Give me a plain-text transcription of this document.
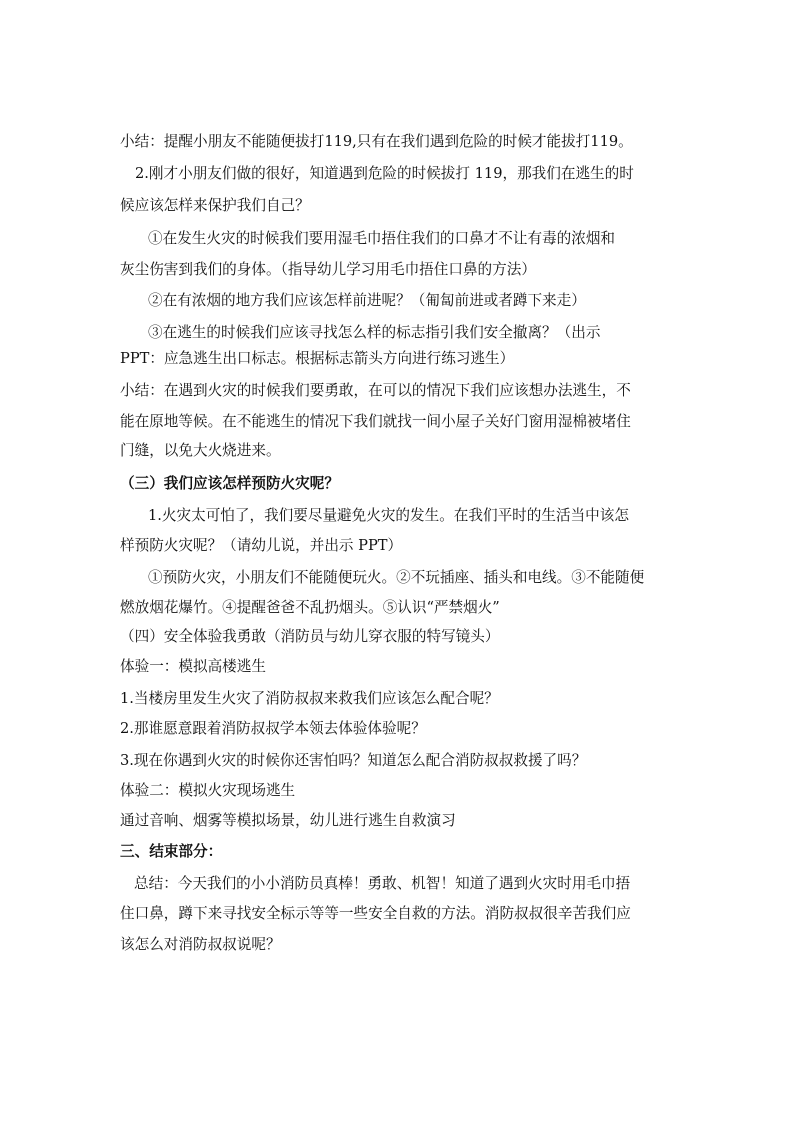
小结：提醒小朋友不能随便拔打119,只有在我们遇到危险的时候才能拔打119。
2.刚才小朋友们做的很好，知道遇到危险的时候拔打 119，那我们在逃生的时
候应该怎样来保护我们自己？
①在发生火灾的时候我们要用湿毛巾捂住我们的口鼻才不让有毒的浓烟和
灰尘伤害到我们的身体。（指导幼儿学习用毛巾捂住口鼻的方法）
②在有浓烟的地方我们应该怎样前进呢？（匍匐前进或者蹲下来走）
③在逃生的时候我们应该寻找怎么样的标志指引我们安全撤离？（出示
PPT：应急逃生出口标志。根据标志箭头方向进行练习逃生）
小结：在遇到火灾的时候我们要勇敢，在可以的情况下我们应该想办法逃生，不
能在原地等候。在不能逃生的情况下我们就找一间小屋子关好门窗用湿棉被堵住
门缝，以免大火烧进来。
（三）我们应该怎样预防火灾呢？
1.火灾太可怕了，我们要尽量避免火灾的发生。在我们平时的生活当中该怎
样预防火灾呢？（请幼儿说，并出示 PPT）
①预防火灾，小朋友们不能随便玩火。②不玩插座、插头和电线。③不能随便
燃放烟花爆竹。④提醒爸爸不乱扔烟头。⑤认识“严禁烟火”
（四）安全体验我勇敢（消防员与幼儿穿衣服的特写镜头）
体验一：模拟高楼逃生
1.当楼房里发生火灾了消防叔叔来救我们应该怎么配合呢？
2.那谁愿意跟着消防叔叔学本领去体验体验呢？
3.现在你遇到火灾的时候你还害怕吗？知道怎么配合消防叔叔救援了吗？
体验二：模拟火灾现场逃生
通过音响、烟雾等模拟场景，幼儿进行逃生自救演习
三、结束部分：
总结：今天我们的小小消防员真棒！勇敢、机智！知道了遇到火灾时用毛巾捂
住口鼻，蹲下来寻找安全标示等等一些安全自救的方法。消防叔叔很辛苦我们应
该怎么对消防叔叔说呢？
